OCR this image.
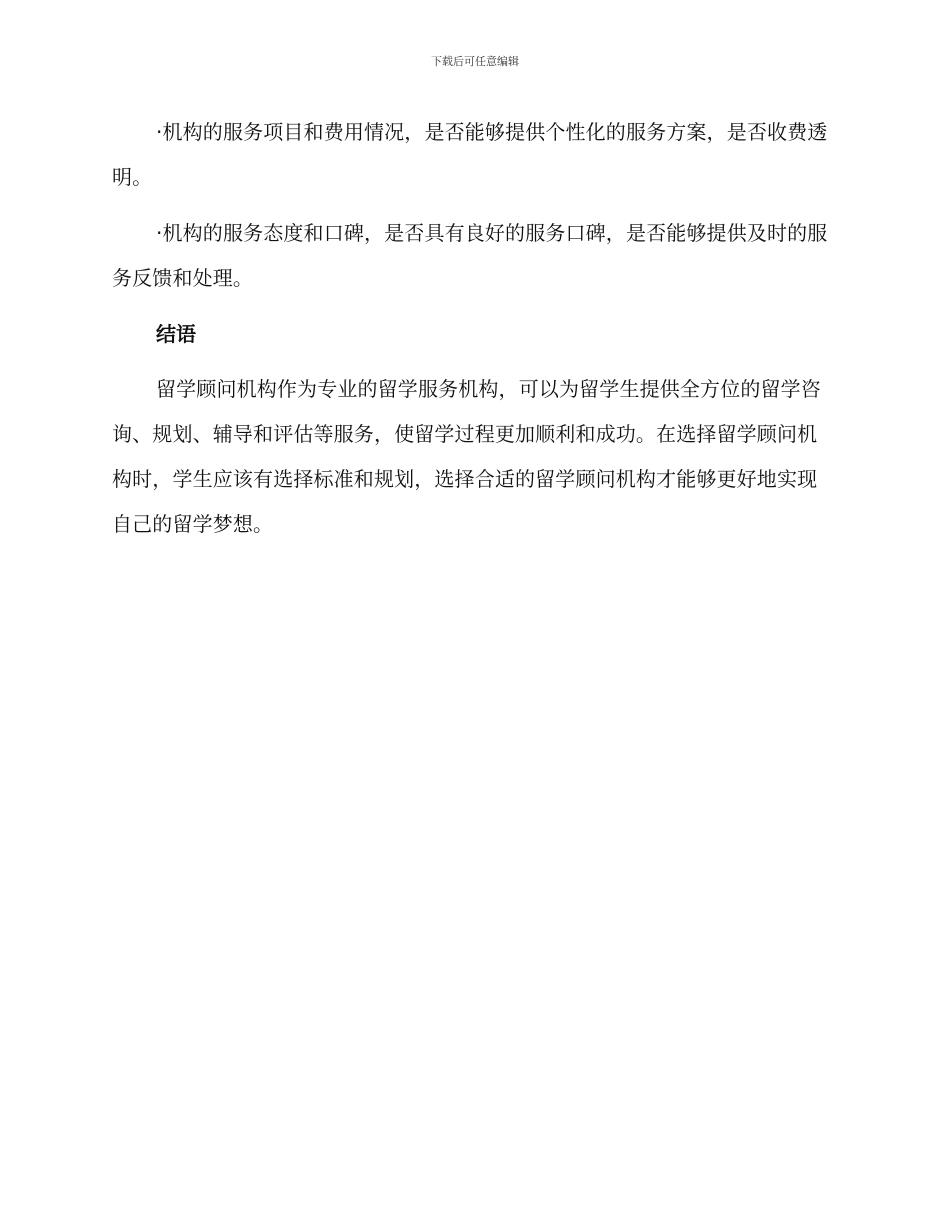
下载后可任意编辑

·机构的服务项目和费用情况，是否能够提供个性化的服务方案，是否收费透明。

·机构的服务态度和口碑，是否具有良好的服务口碑，是否能够提供及时的服务反馈和处理。

结语

留学顾问机构作为专业的留学服务机构，可以为留学生提供全方位的留学咨询、规划、辅导和评估等服务，使留学过程更加顺利和成功。在选择留学顾问机构时，学生应该有选择标准和规划，选择合适的留学顾问机构才能够更好地实现自己的留学梦想。
